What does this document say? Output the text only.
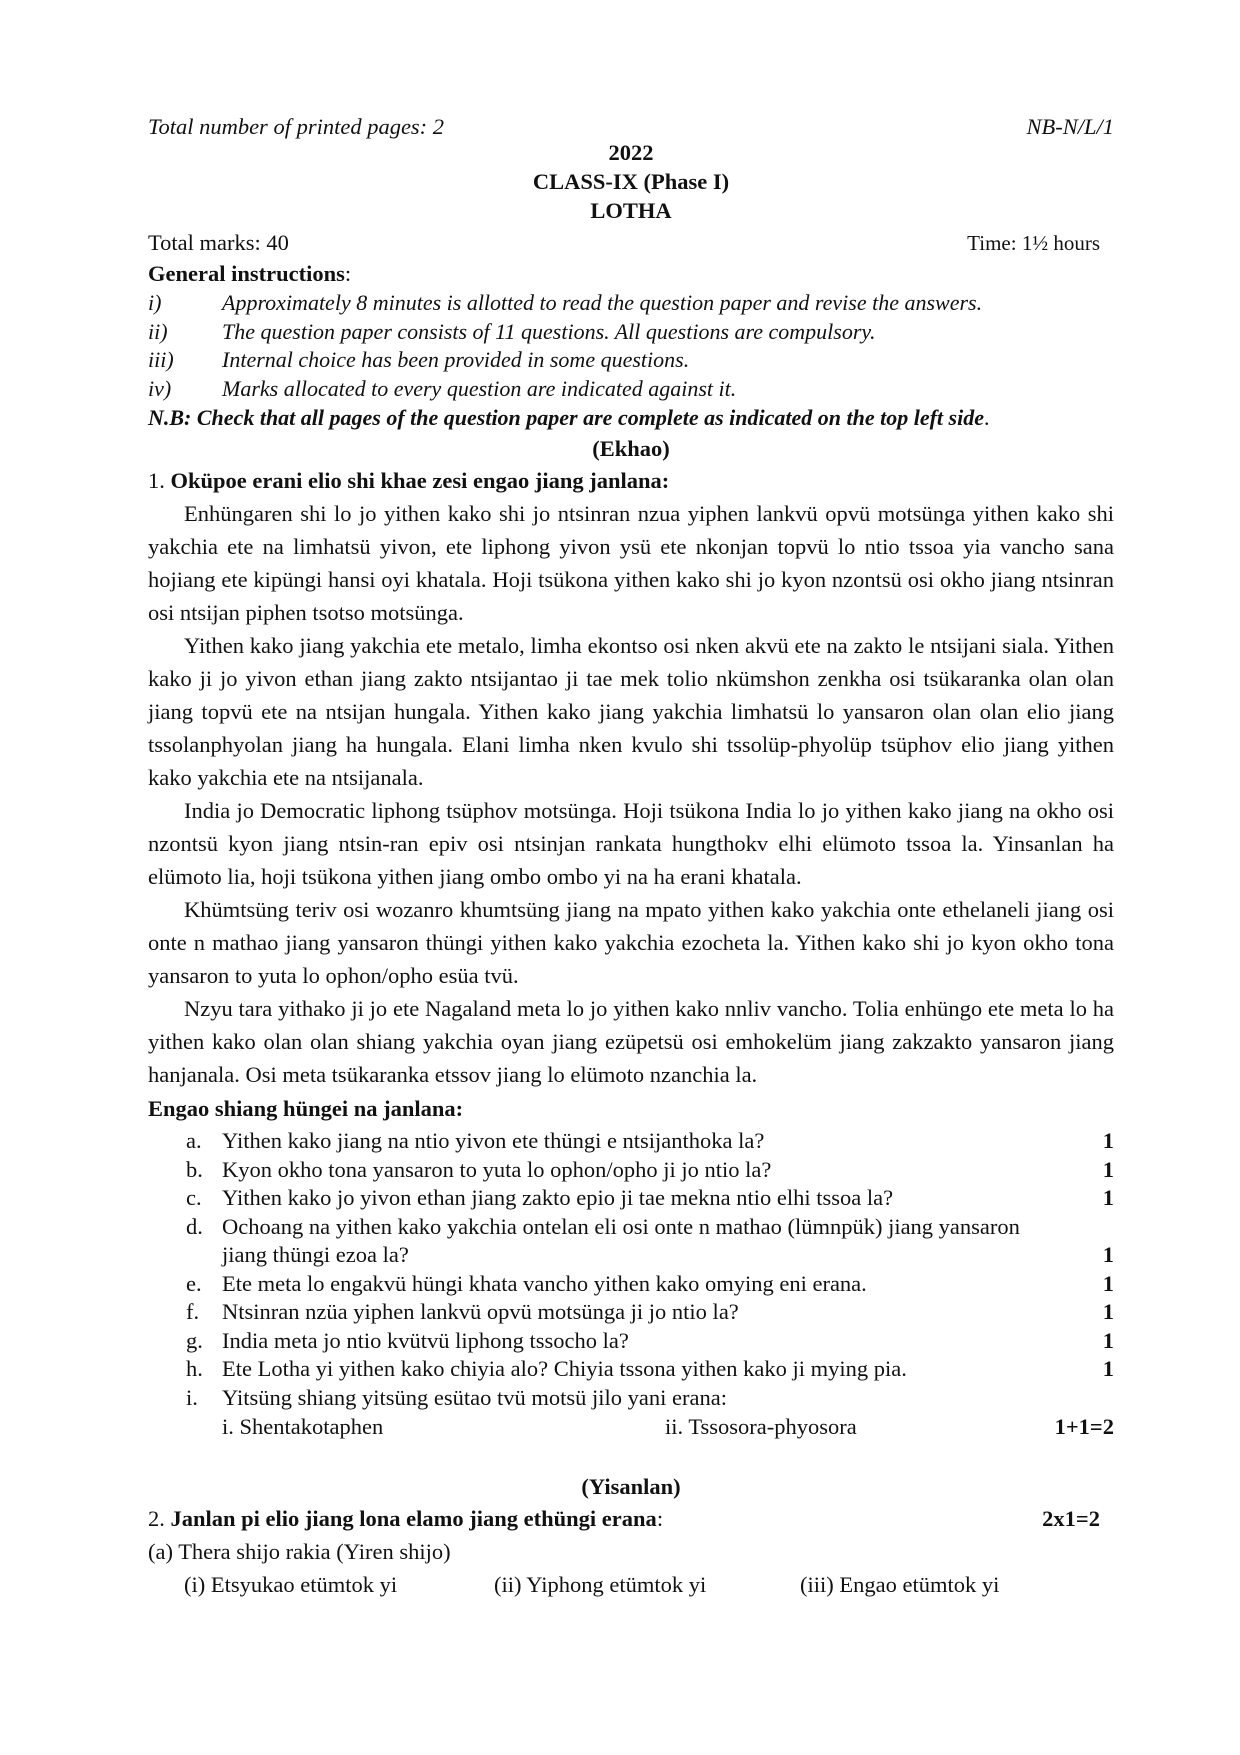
Total number of printed pages: 2	NB-N/L/1
2022
CLASS-IX (Phase I)
LOTHA
Total marks: 40	Time: 1½ hours
General instructions:
i)	Approximately 8 minutes is allotted to read the question paper and revise the answers.
ii)	The question paper consists of 11 questions. All questions are compulsory.
iii)	Internal choice has been provided in some questions.
iv)	Marks allocated to every question are indicated against it.
N.B: Check that all pages of the question paper are complete as indicated on the top left side.
(Ekhao)
1. Oküpoe erani elio shi khae zesi engao jiang janlana:

Enhüngaren shi lo jo yithen kako shi jo ntsinran nzua yiphen lankvü opvü motsünga yithen kako shi yakchia ete na limhatsü yivon, ete liphong yivon ysü ete nkonjan topvü lo ntio tssoa yia vancho sana hojiang ete kipüngi hansi oyi khatala. Hoji tsükona yithen kako shi jo kyon nzontsü osi okho jiang ntsinran osi ntsijan piphen tsotso motsünga.

Yithen kako jiang yakchia ete metalo, limha ekontso osi nken akvü ete na zakto le ntsijani siala. Yithen kako ji jo yivon ethan jiang zakto ntsijantao ji tae mek tolio nkümshon zenkha osi tsükaranka olan olan jiang topvü ete na ntsijan hungala. Yithen kako jiang yakchia limhatsü lo yansaron olan olan elio jiang tssolanphyolan jiang ha hungala. Elani limha nken kvulo shi tssolüp-phyolüp tsüphov elio jiang yithen kako yakchia ete na ntsijanala.

India jo Democratic liphong tsüphov motsünga. Hoji tsükona India lo jo yithen kako jiang na okho osi nzontsü kyon jiang ntsin-ran epiv osi ntsinjan rankata hungthokv elhi elümoto tssoa la. Yinsanlan ha elümoto lia, hoji tsükona yithen jiang ombo ombo yi na ha erani khatala.

Khümtsüng teriv osi wozanro khumtsüng jiang na mpato yithen kako yakchia onte ethelaneli jiang osi onte n mathao jiang yansaron thüngi yithen kako yakchia ezocheta la. Yithen kako shi jo kyon okho tona yansaron to yuta lo ophon/opho esüa tvü.

Nzyu tara yithako ji jo ete Nagaland meta lo jo yithen kako nnliv vancho. Tolia enhüngo ete meta lo ha yithen kako olan olan shiang yakchia oyan jiang ezüpetsü osi emhokelüm jiang zakzakto yansaron jiang hanjanala. Osi meta tsükaranka etssov jiang lo elümoto nzanchia la.

Engao shiang hüngei na janlana:
a. Yithen kako jiang na ntio yivon ete thüngi e ntsijanthoka la?	1
b. Kyon okho tona yansaron to yuta lo ophon/opho ji jo ntio la?	1
c. Yithen kako jo yivon ethan jiang zakto epio ji tae mekna ntio elhi tssoa la?	1
d. Ochoang na yithen kako yakchia ontelan eli osi onte n mathao (lümnpük) jiang yansaron
jiang thüngi ezoa la?	1
e. Ete meta lo engakvü hüngi khata vancho yithen kako omying eni erana.	1
f.	Ntsinran nzüa yiphen lankvü opvü motsünga ji jo ntio la?	1
g. India meta jo ntio kvütvü liphong tssocho la?	1
h. Ete Lotha yi yithen kako chiyia alo? Chiyia tssona yithen kako ji mying pia.	1
i.	Yitsüng shiang yitsüng esütao tvü motsü jilo yani erana:
i. Shentakotaphen	ii. Tssosora-phyosora	1+1=2
(Yisanlan)
2. Janlan pi elio jiang lona elamo jiang ethüngi erana:	2x1=2
(a) Thera shijo rakia (Yiren shijo)
(i) Etsyukao etümtok yi	(ii) Yiphong etümtok yi	(iii) Engao etümtok yi
